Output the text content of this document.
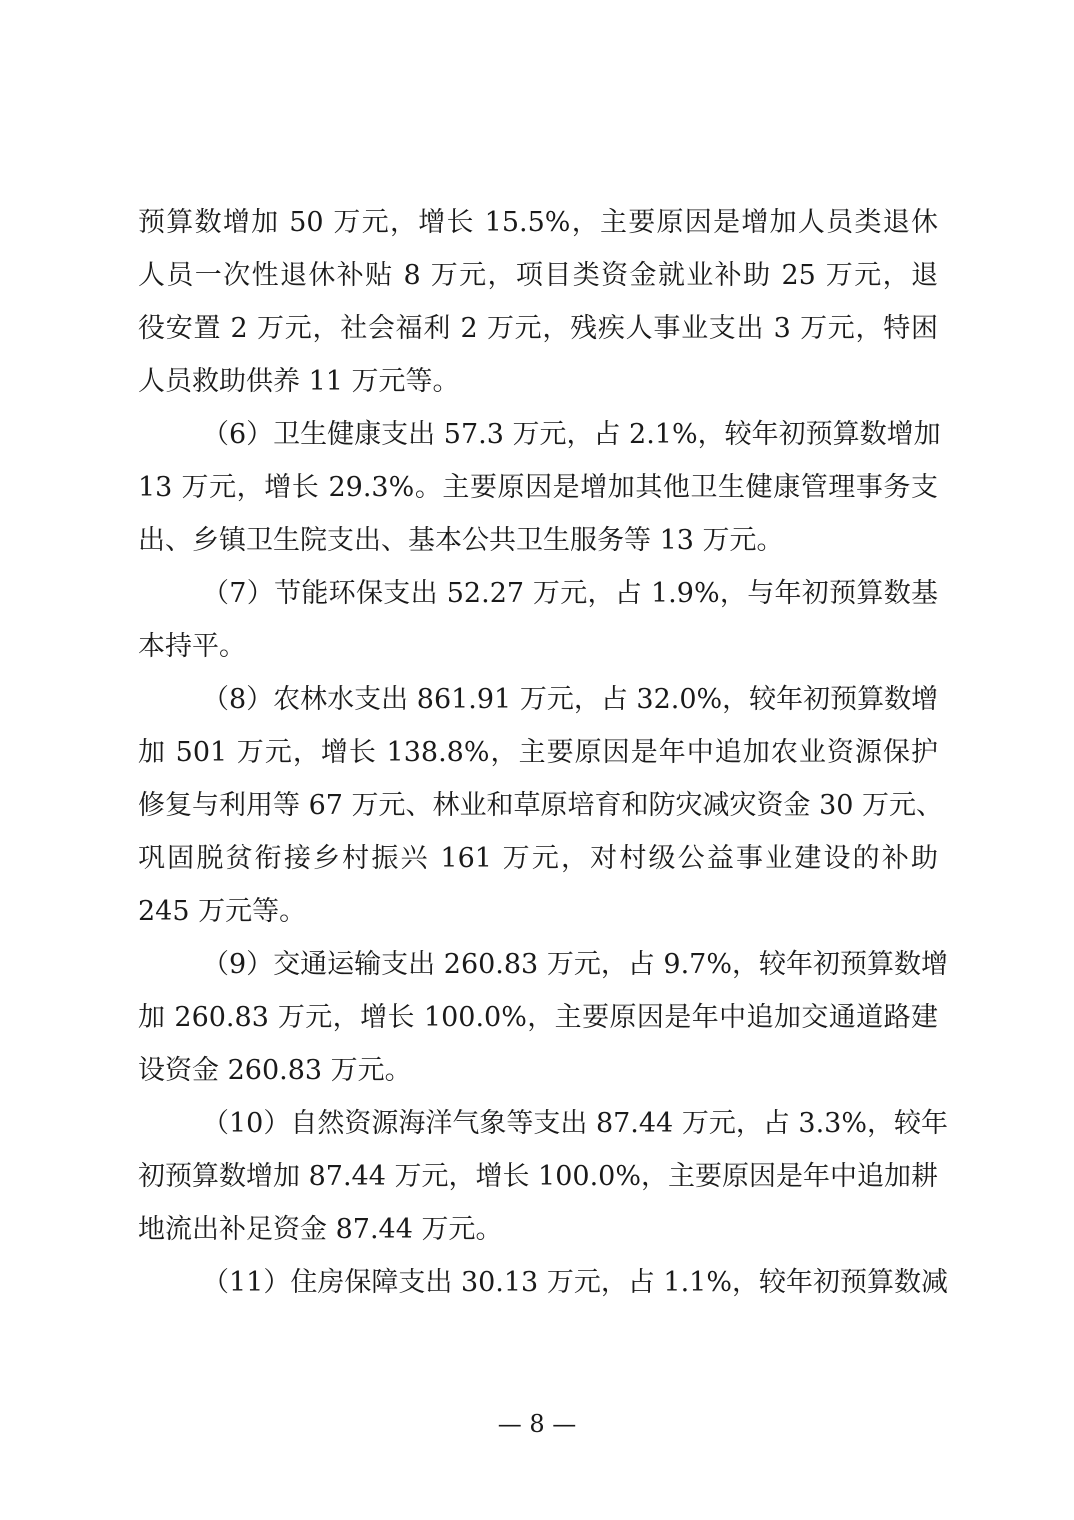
预算数增加 50 万元，增长 15.5%，主要原因是增加人员类退休
人员一次性退休补贴 8 万元，项目类资金就业补助 25 万元，退
役安置 2 万元，社会福利 2 万元，残疾人事业支出 3 万元，特困
人员救助供养 11 万元等。
（6）卫生健康支出 57.3 万元，占 2.1%，较年初预算数增加
13 万元，增长 29.3%。主要原因是增加其他卫生健康管理事务支
出、乡镇卫生院支出、基本公共卫生服务等 13 万元。
（7）节能环保支出 52.27 万元，占 1.9%，与年初预算数基
本持平。
（8）农林水支出 861.91 万元，占 32.0%，较年初预算数增
加 501 万元，增长 138.8%，主要原因是年中追加农业资源保护
修复与利用等 67 万元、林业和草原培育和防灾减灾资金 30 万元、
巩固脱贫衔接乡村振兴 161 万元，对村级公益事业建设的补助
245 万元等。
（9）交通运输支出 260.83 万元，占 9.7%，较年初预算数增
加 260.83 万元，增长 100.0%，主要原因是年中追加交通道路建
设资金 260.83 万元。
（10）自然资源海洋气象等支出 87.44 万元，占 3.3%，较年
初预算数增加 87.44 万元，增长 100.0%，主要原因是年中追加耕
地流出补足资金 87.44 万元。
（11）住房保障支出 30.13 万元，占 1.1%，较年初预算数减
— 8 —
